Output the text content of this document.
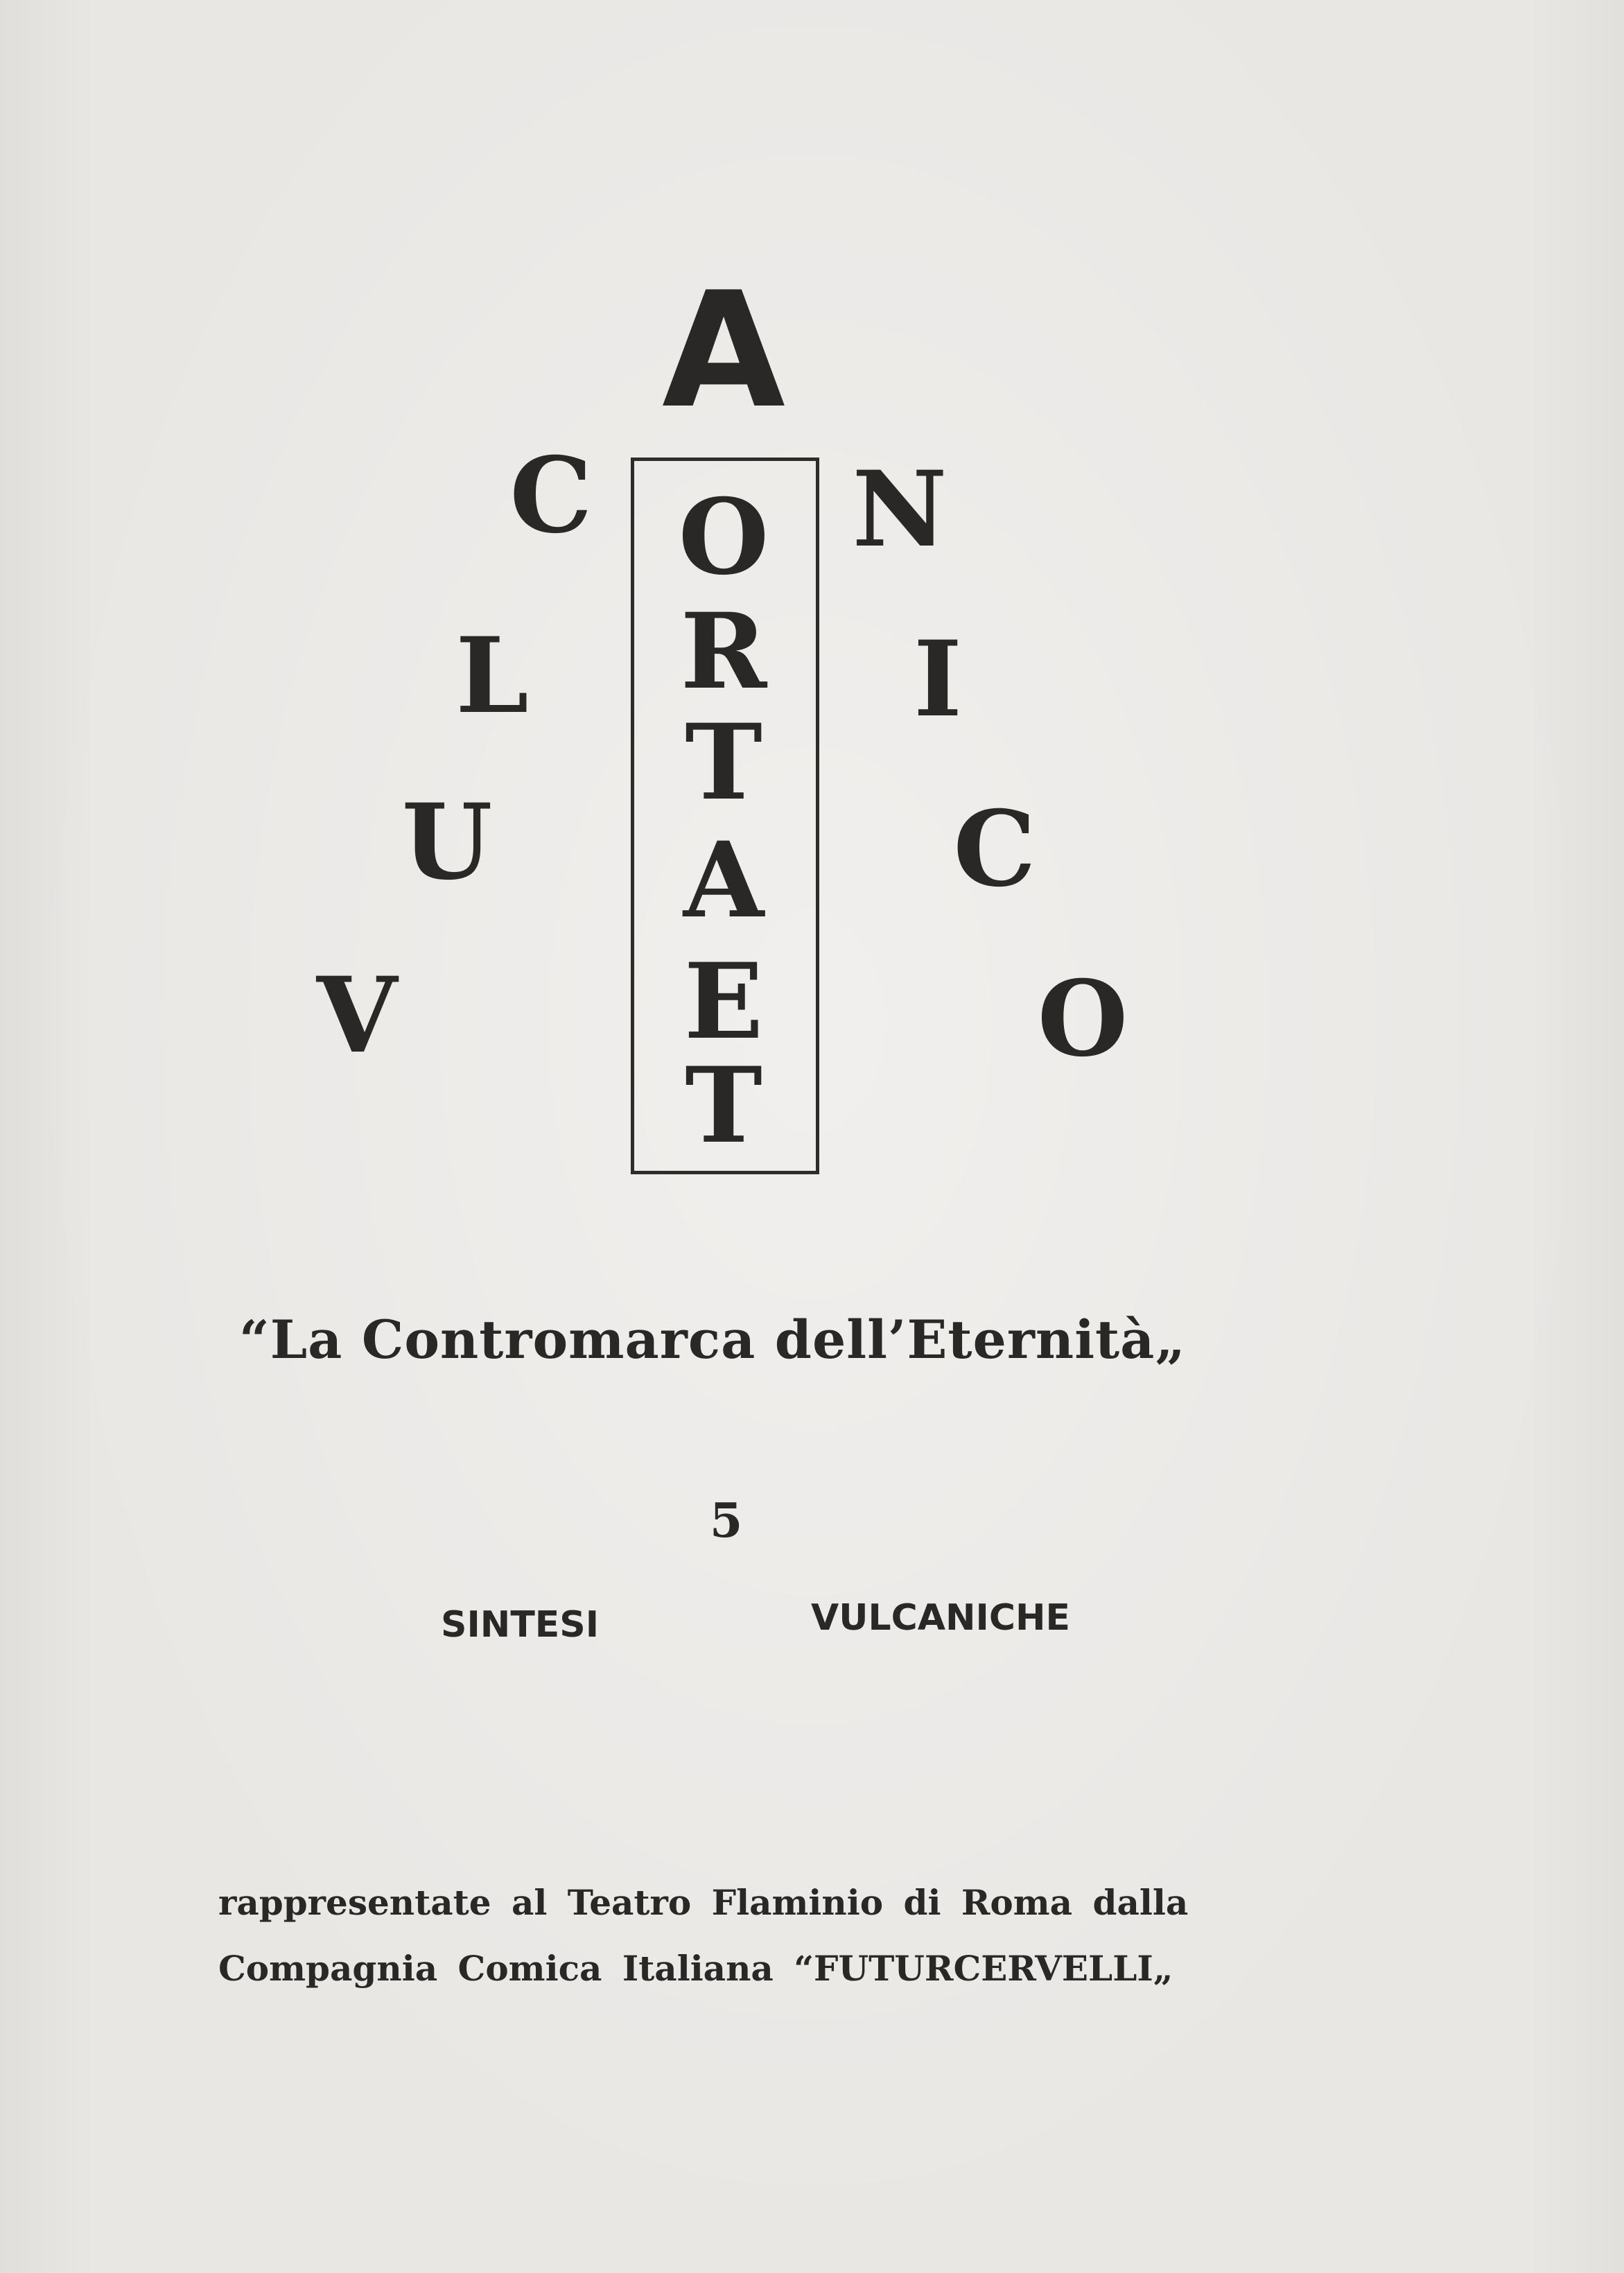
A
C
L
U
V
N
I
C
O
O
R
T
A
E
T
“La Contromarca dell’Eternità„
5
SINTESI	VULCANICHE
rappresentate al Teatro Flaminio di Roma dalla
Compagnia Comica Italiana “FUTURCERVELLI„
